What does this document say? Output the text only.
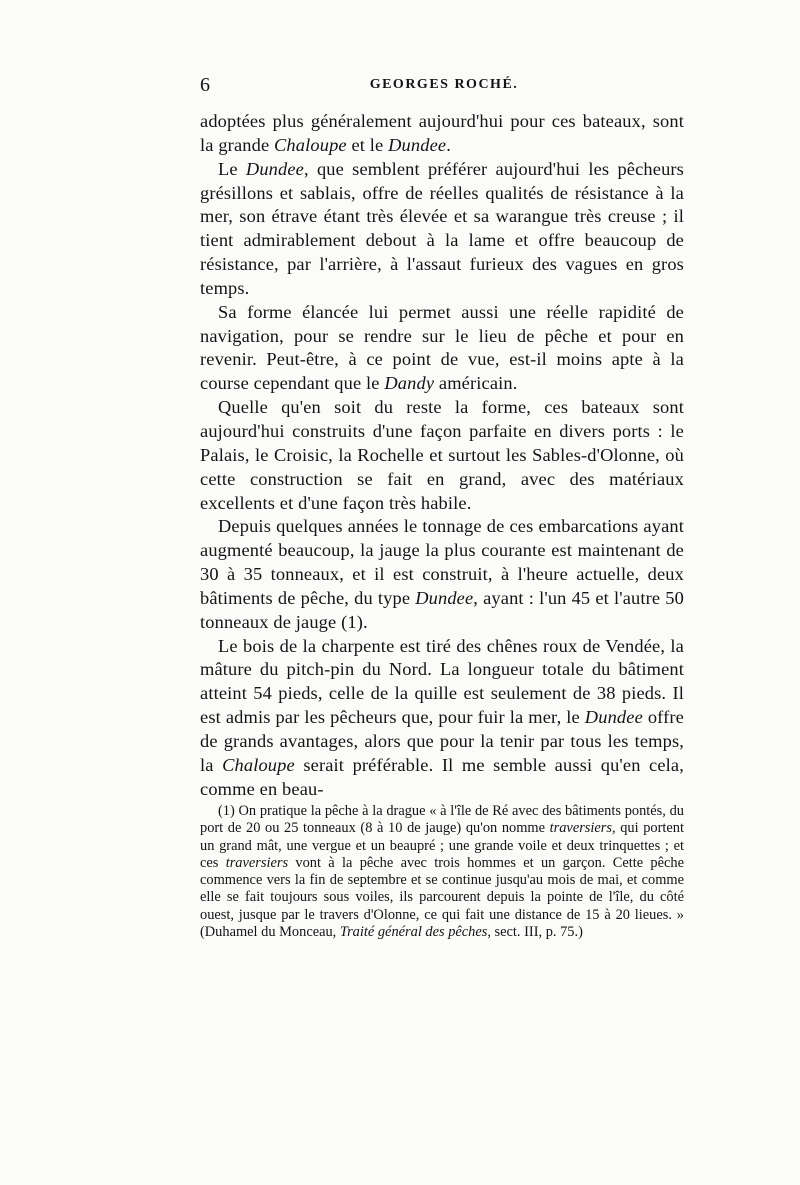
6	GEORGES ROCHÉ.

adoptées plus généralement aujourd'hui pour ces bateaux, sont la grande Chaloupe et le Dundee.

Le Dundee, que semblent préférer aujourd'hui les pêcheurs grésillons et sablais, offre de réelles qualités de résistance à la mer, son étrave étant très élevée et sa warangue très creuse ; il tient admirablement debout à la lame et offre beaucoup de résistance, par l'arrière, à l'assaut furieux des vagues en gros temps.

Sa forme élancée lui permet aussi une réelle rapidité de navigation, pour se rendre sur le lieu de pêche et pour en revenir. Peut-être, à ce point de vue, est-il moins apte à la course cependant que le Dandy américain.

Quelle qu'en soit du reste la forme, ces bateaux sont aujourd'hui construits d'une façon parfaite en divers ports : le Palais, le Croisic, la Rochelle et surtout les Sables-d'Olonne, où cette construction se fait en grand, avec des matériaux excellents et d'une façon très habile.

Depuis quelques années le tonnage de ces embarcations ayant augmenté beaucoup, la jauge la plus courante est maintenant de 30 à 35 tonneaux, et il est construit, à l'heure actuelle, deux bâtiments de pêche, du type Dundee, ayant : l'un 45 et l'autre 50 tonneaux de jauge (1).

Le bois de la charpente est tiré des chênes roux de Vendée, la mâture du pitch-pin du Nord. La longueur totale du bâtiment atteint 54 pieds, celle de la quille est seulement de 38 pieds. Il est admis par les pêcheurs que, pour fuir la mer, le Dundee offre de grands avantages, alors que pour la tenir par tous les temps, la Chaloupe serait préférable. Il me semble aussi qu'en cela, comme en beau-

(1) On pratique la pêche à la drague « à l'île de Ré avec des bâtiments pontés, du port de 20 ou 25 tonneaux (8 à 10 de jauge) qu'on nomme traversiers, qui portent un grand mât, une vergue et un beaupré ; une grande voile et deux trinquettes ; et ces traversiers vont à la pêche avec trois hommes et un garçon. Cette pêche commence vers la fin de septembre et se continue jusqu'au mois de mai, et comme elle se fait toujours sous voiles, ils parcourent depuis la pointe de l'île, du côté ouest, jusque par le travers d'Olonne, ce qui fait une distance de 15 à 20 lieues. » (Duhamel du Monceau, Traité général des pêches, sect. III, p. 75.)
